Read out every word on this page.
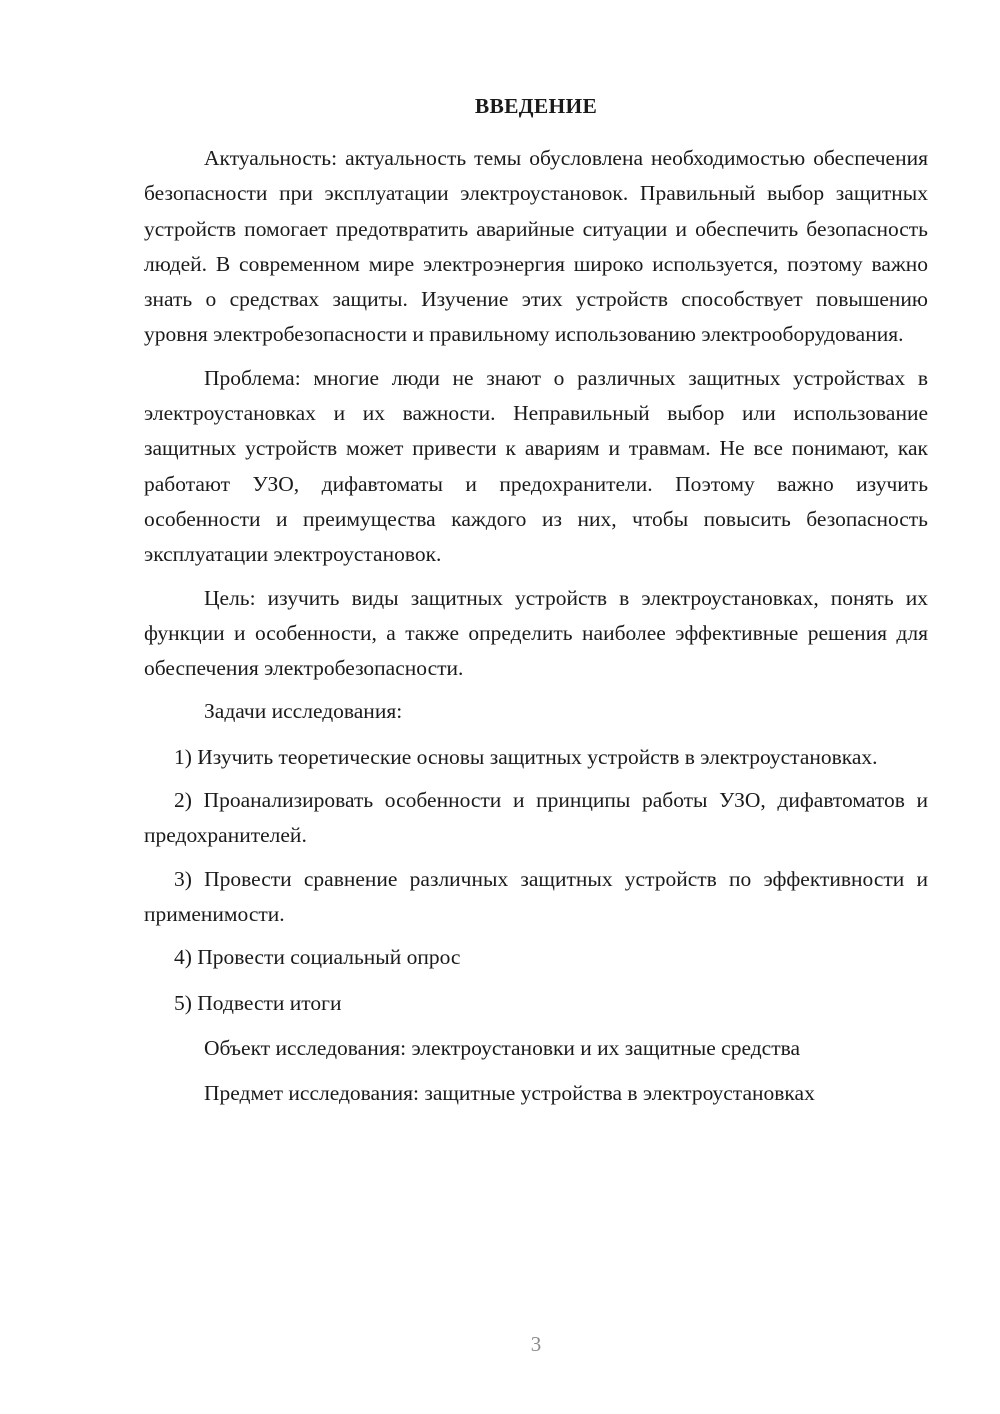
ВВЕДЕНИЕ

Актуальность: актуальность темы обусловлена необходимостью обеспечения безопасности при эксплуатации электроустановок. Правильный выбор защитных устройств помогает предотвратить аварийные ситуации и обеспечить безопасность людей. В современном мире электроэнергия широко используется, поэтому важно знать о средствах защиты. Изучение этих устройств способствует повышению уровня электробезопасности и правильному использованию электрооборудования.

Проблема: многие люди не знают о различных защитных устройствах в электроустановках и их важности. Неправильный выбор или использование защитных устройств может привести к авариям и травмам. Не все понимают, как работают УЗО, дифавтоматы и предохранители. Поэтому важно изучить особенности и преимущества каждого из них, чтобы повысить безопасность эксплуатации электроустановок.

Цель: изучить виды защитных устройств в электроустановках, понять их функции и особенности, а также определить наиболее эффективные решения для обеспечения электробезопасности.

Задачи исследования:

1) Изучить теоретические основы защитных устройств в электроустановках.

2) Проанализировать особенности и принципы работы УЗО, дифавтоматов и предохранителей.

3) Провести сравнение различных защитных устройств по эффективности и применимости.

4) Провести социальный опрос

5) Подвести итоги

Объект исследования: электроустановки и их защитные средства

Предмет исследования: защитные устройства в электроустановках

3
